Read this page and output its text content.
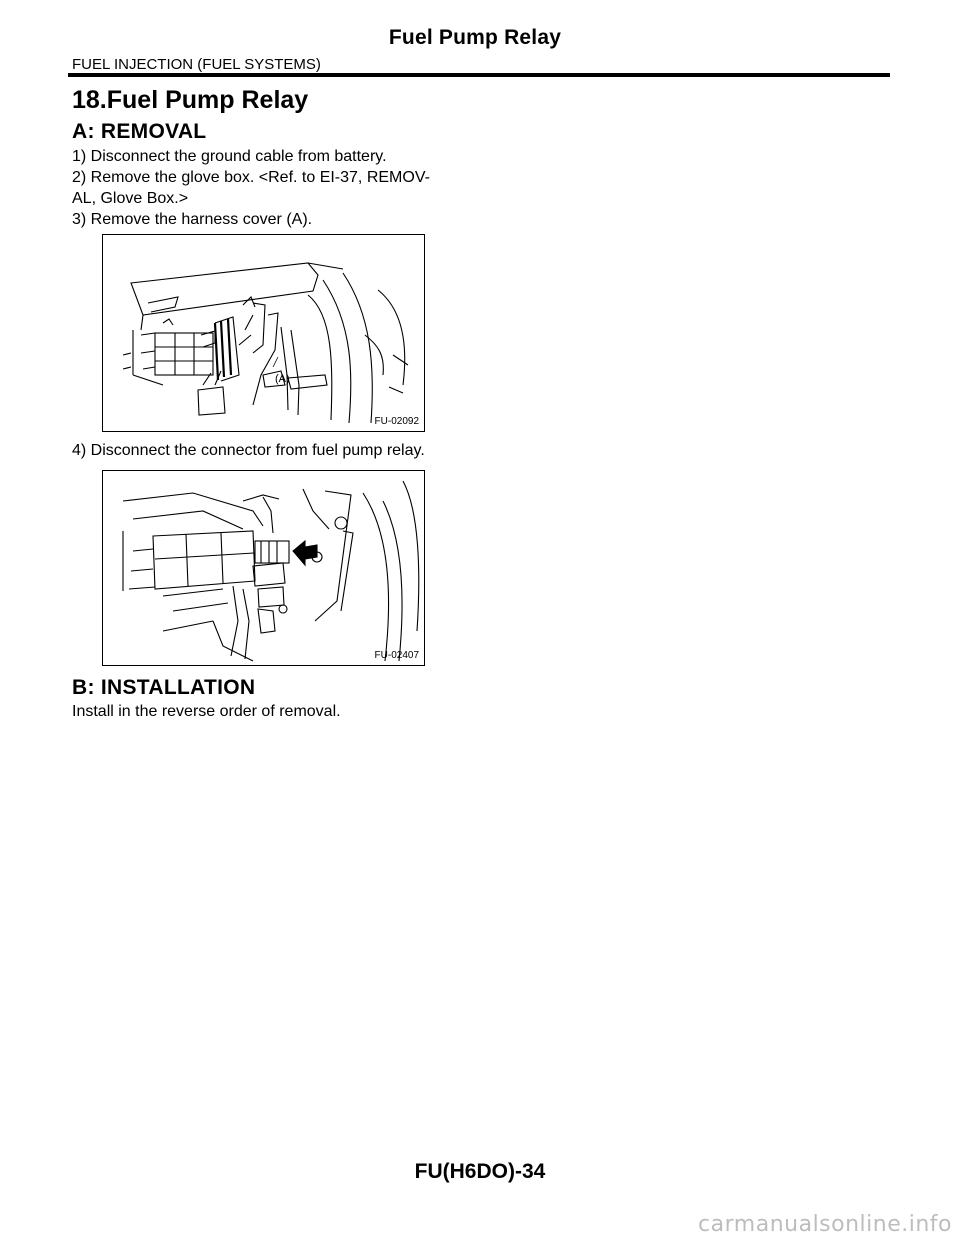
Fuel Pump Relay
FUEL INJECTION (FUEL SYSTEMS)
18.Fuel Pump Relay
A: REMOVAL
1) Disconnect the ground cable from battery.
2) Remove the glove box. <Ref. to EI-37, REMOV-
AL, Glove Box.>
3) Remove the harness cover (A).
(A)
FU-02092
4) Disconnect the connector from fuel pump relay.
FU-02407
B: INSTALLATION
Install in the reverse order of removal.
FU(H6DO)-34
carmanualsonline.info
